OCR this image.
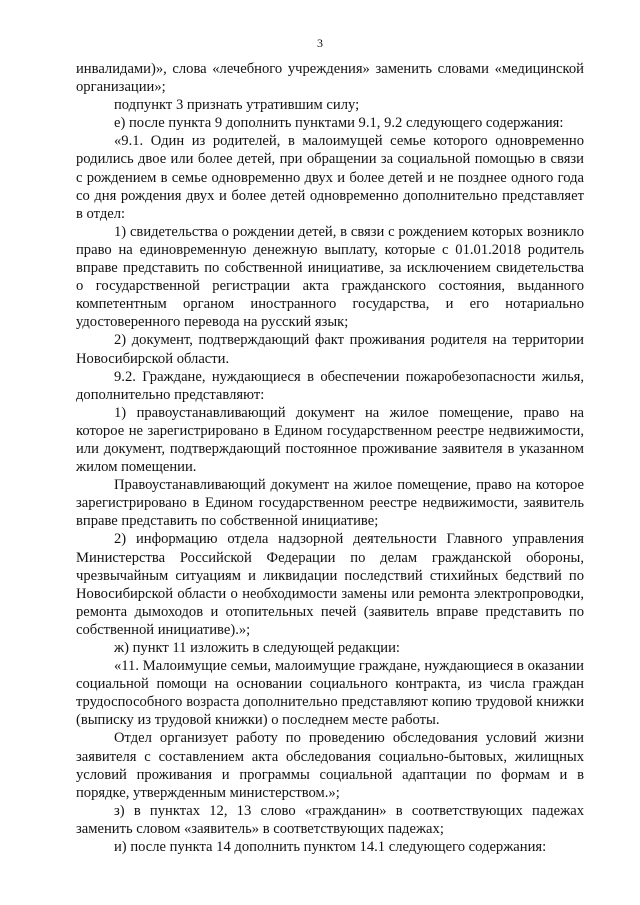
3

инвалидами)», слова «лечебного учреждения» заменить словами «медицинской организации»;

подпункт 3 признать утратившим силу;

е) после пункта 9 дополнить пунктами 9.1, 9.2 следующего содержания:

«9.1. Один из родителей, в малоимущей семье которого одновременно родились двое или более детей, при обращении за социальной помощью в связи с рождением в семье одновременно двух и более детей и не позднее одного года со дня рождения двух и более детей одновременно дополнительно представляет в отдел:

1) свидетельства о рождении детей, в связи с рождением которых возникло право на единовременную денежную выплату, которые с 01.01.2018 родитель вправе представить по собственной инициативе, за исключением свидетельства о государственной регистрации акта гражданского состояния, выданного компетентным органом иностранного государства, и его нотариально удостоверенного перевода на русский язык;

2) документ, подтверждающий факт проживания родителя на территории Новосибирской области.

9.2. Граждане, нуждающиеся в обеспечении пожаробезопасности жилья, дополнительно представляют:

1) правоустанавливающий документ на жилое помещение, право на которое не зарегистрировано в Едином государственном реестре недвижимости, или документ, подтверждающий постоянное проживание заявителя в указанном жилом помещении.

Правоустанавливающий документ на жилое помещение, право на которое зарегистрировано в Едином государственном реестре недвижимости, заявитель вправе представить по собственной инициативе;

2) информацию отдела надзорной деятельности Главного управления Министерства Российской Федерации по делам гражданской обороны, чрезвычайным ситуациям и ликвидации последствий стихийных бедствий по Новосибирской области о необходимости замены или ремонта электропроводки, ремонта дымоходов и отопительных печей (заявитель вправе представить по собственной инициативе).»;

ж) пункт 11 изложить в следующей редакции:

«11. Малоимущие семьи, малоимущие граждане, нуждающиеся в оказании социальной помощи на основании социального контракта, из числа граждан трудоспособного возраста дополнительно представляют копию трудовой книжки (выписку из трудовой книжки) о последнем месте работы.

Отдел организует работу по проведению обследования условий жизни заявителя с составлением акта обследования социально-бытовых, жилищных условий проживания и программы социальной адаптации по формам и в порядке, утвержденным министерством.»;

з) в пунктах 12, 13 слово «гражданин» в соответствующих падежах заменить словом «заявитель» в соответствующих падежах;

и) после пункта 14 дополнить пунктом 14.1 следующего содержания:
